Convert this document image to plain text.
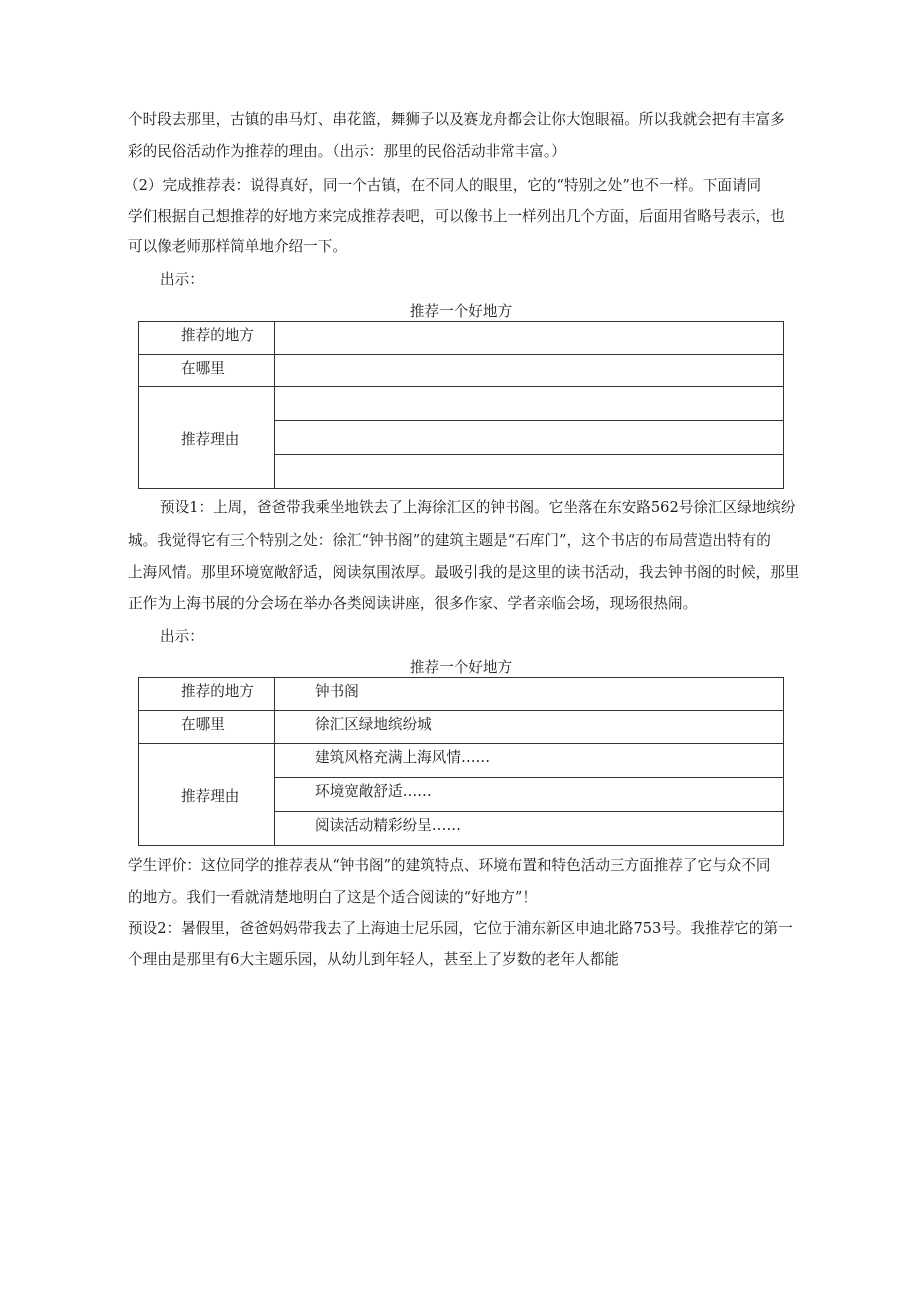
个时段去那里，古镇的串马灯、串花篮，舞狮子以及赛龙舟都会让你大饱眼福。所以我就会把有丰富多
彩的民俗活动作为推荐的理由。（出示：那里的民俗活动非常丰富。）
（2）完成推荐表：说得真好，同一个古镇，在不同人的眼里，它的“特别之处”也不一样。下面请同
学们根据自己想推荐的好地方来完成推荐表吧，可以像书上一样列出几个方面，后面用省略号表示，也
可以像老师那样简单地介绍一下。
出示：
推荐一个好地方
推荐的地方	

在哪里	

推荐理由	

预设1：上周，爸爸带我乘坐地铁去了上海徐汇区的钟书阁。它坐落在东安路562号徐汇区绿地缤纷
城。我觉得它有三个特别之处：徐汇“钟书阁”的建筑主题是“石库门”，这个书店的布局营造出特有的
上海风情。那里环境宽敞舒适，阅读氛围浓厚。最吸引我的是这里的读书活动，我去钟书阁的时候，那里
正作为上海书展的分会场在举办各类阅读讲座，很多作家、学者亲临会场，现场很热闹。
出示：
推荐一个好地方
推荐的地方	钟书阁

在哪里	徐汇区绿地缤纷城

推荐理由	建筑风格充满上海风情……

	环境宽敞舒适……

	阅读活动精彩纷呈……
学生评价：这位同学的推荐表从“钟书阁”的建筑特点、环境布置和特色活动三方面推荐了它与众不同
的地方。我们一看就清楚地明白了这是个适合阅读的“好地方”！
预设2：暑假里，爸爸妈妈带我去了上海迪士尼乐园，它位于浦东新区申迪北路753号。我推荐它的第一
个理由是那里有6大主题乐园，从幼儿到年轻人，甚至上了岁数的老年人都能
